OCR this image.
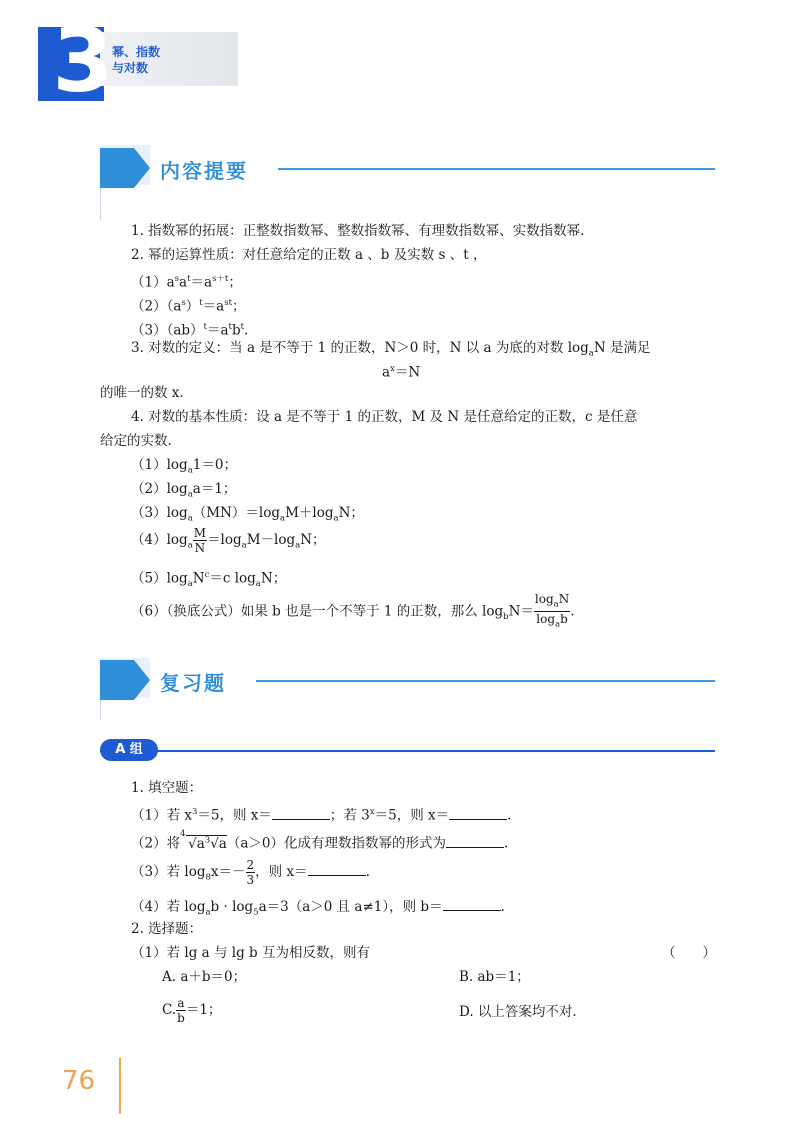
3
幂、指数
与对数
内容提要
1. 指数幂的拓展：正整数指数幂、整数指数幂、有理数指数幂、实数指数幂.
2. 幂的运算性质：对任意给定的正数 a 、b 及实数 s 、t ，
$(1)a^sa^t=a^{s+t}$；
$(2)(a^s)^t=a^{st}$；
$(3)(ab)^t=a^tb^t$.
3. 对数的定义：当 a 是不等于 1 的正数，N＞0 时，N 以 a 为底的对数 $\log_aN$ 是满足
$a^x=N$
的唯一的数 x.
4. 对数的基本性质：设 a 是不等于 1 的正数，M 及 N 是任意给定的正数，c 是任意
给定的实数.
$(1)\log_a1=0$；
$(2)\log_aa=1$；
$(3)\log_a(MN)=\log_aM+\log_aN$；
$(4)\log_a \frac{M}{N} =\log_aM-\log_aN$；
$(5)\log_aN^c=c$ $\log_aN$；
（6）（换底公式）如果 b 也是一个不等于 1 的正数，那么 $\log_bN= \frac{\log_aN}{\log_ab}$ .
复习题
A 组
1. 填空题：
（1）若 $x^3=5$，则 x＝	；若 $3^x=5$，则 x＝	.
（2）将
4
$√a^3√a(a>0)$化成有理数指数幂的形式为	.
（3）若 $\log_8x=- \frac{2}{3}$ ，则 x＝	.
（4）若 $\log_ab \cdot \log_5a=3(a>0$ 且 a≠1），则 b＝	.
2. 选择题：
（1）若 lg a 与 lg b 互为相反数，则有	（　　）
A. a＋b＝0；	B. ab＝1；
C. $\frac{a}{b} =1$；	D. 以上答案均不对.
76
